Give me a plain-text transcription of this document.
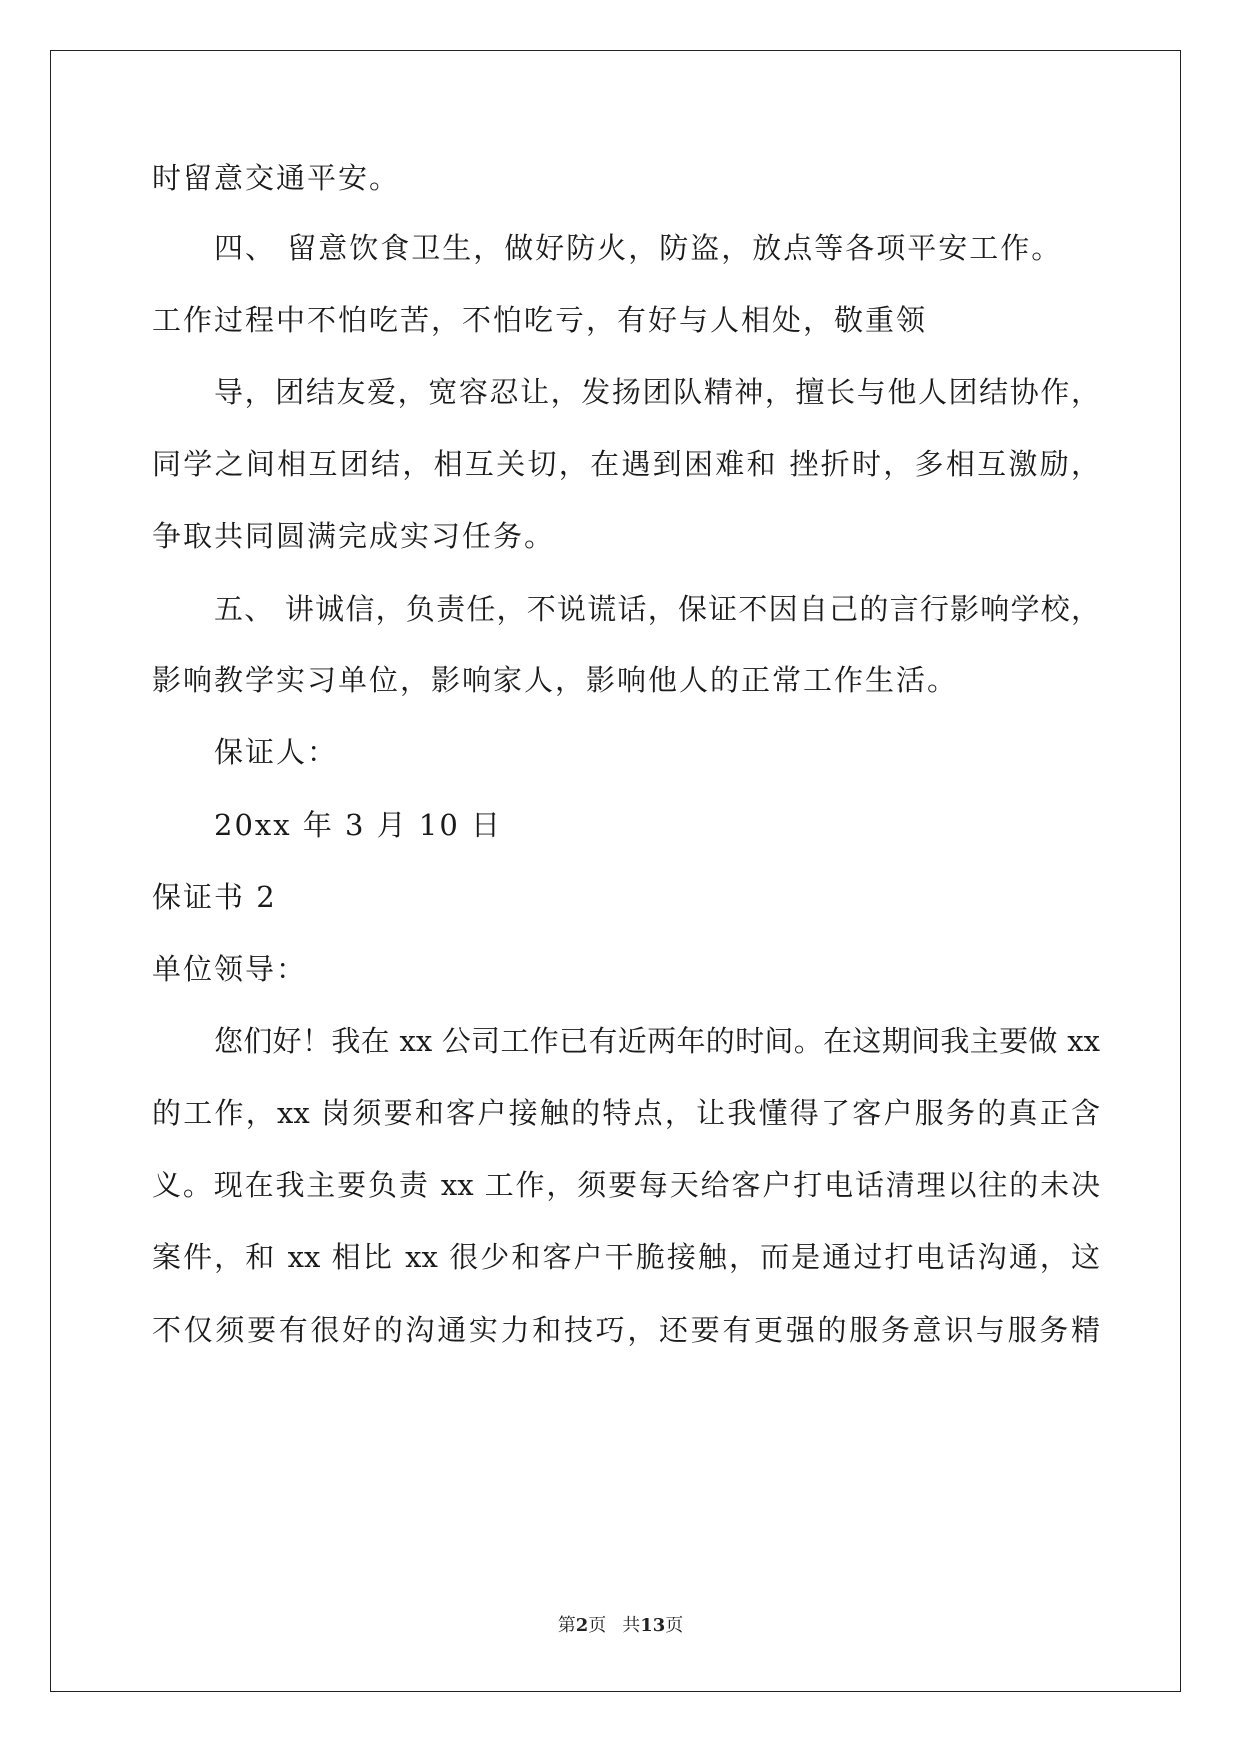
时留意交通平安。
四、 留意饮食卫生，做好防火，防盗，放点等各项平安工作。
工作过程中不怕吃苦，不怕吃亏，有好与人相处，敬重领
导，团结友爱，宽容忍让，发扬团队精神，擅长与他人团结协作，
同学之间相互团结，相互关切，在遇到困难和 挫折时，多相互激励，
争取共同圆满完成实习任务。
五、 讲诚信，负责任，不说谎话，保证不因自己的言行影响学校，
影响教学实习单位，影响家人，影响他人的正常工作生活。
保证人：
20xx 年 3 月 10 日
保证书 2
单位领导：
您们好！我在 xx 公司工作已有近两年的时间。在这期间我主要做 xx
的工作，xx 岗须要和客户接触的特点，让我懂得了客户服务的真正含
义。现在我主要负责 xx 工作，须要每天给客户打电话清理以往的未决
案件，和 xx 相比 xx 很少和客户干脆接触，而是通过打电话沟通，这
不仅须要有很好的沟通实力和技巧，还要有更强的服务意识与服务精
第2页 共13页
